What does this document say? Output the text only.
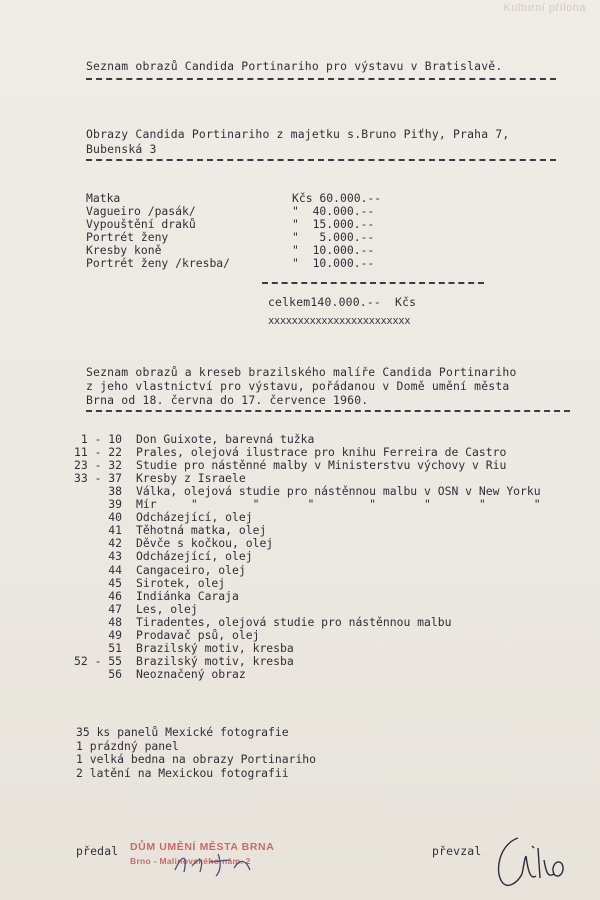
Kulturní příloha
Seznam obrazů Candida Portinariho pro výstavu v Bratislavě.
Obrazy Candida Portinariho z majetku s.Bruno Piťhy, Praha 7,
Bubenská 3
Matka	Kčs 60.000.--
Vagueiro /pasák/	"  40.000.--
Vypouštění draků	"  15.000.--
Portrét ženy	"   5.000.--
Kresby koně	"  10.000.--
Portrét ženy /kresba/	"  10.000.--
celkem140.000.--  Kčs
xxxxxxxxxxxxxxxxxxxxxxxx
Seznam obrazů a kreseb brazilského malíře Candida Portinariho
z jeho vlastnictví pro výstavu, pořádanou v Domě umění města
Brna od 18. června do 17. července 1960.
1 - 10 Don Guixote, barevná tužka
11 - 22 Prales, olejová ilustrace pro knihu Ferreira de Castro
23 - 32 Studie pro nástěnné malby v Ministerstvu výchovy v Riu
33 - 37 Kresby z Israele
38 Válka, olejová studie pro nástěnnou malbu v OSN v New Yorku
39 Mír     "        "       "        "       "       "       "
40 Odcházející, olej
41 Těhotná matka, olej
42 Děvče s kočkou, olej
43 Odcházející, olej
44 Cangaceiro, olej
45 Sirotek, olej
46 Indiánka Caraja
47 Les, olej
48 Tiradentes, olejová studie pro nástěnnou malbu
49 Prodavač psů, olej
51 Brazilský motiv, kresba
52 - 55 Brazilský motiv, kresba
56 Neoznačený obraz
35 ks panelů Mexické fotografie
1 prázdný panel
1 velká bedna na obrazy Portinariho
2 latění na Mexickou fotografii
předal DŮM UMĚNÍ MĚSTA BRNA
Brno - Malinovského nám. 2
převzal
